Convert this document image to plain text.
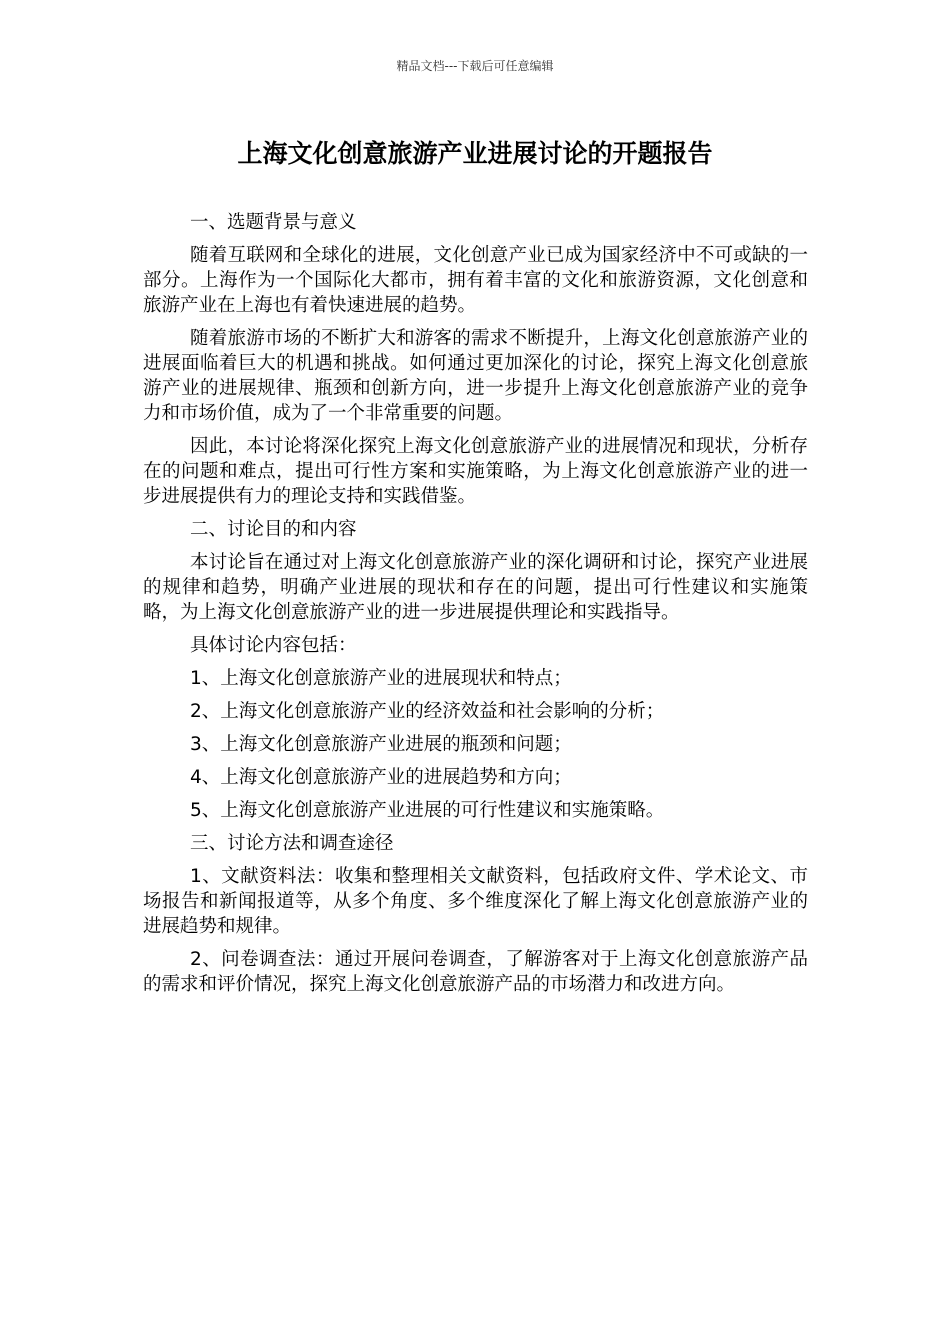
精品文档---下载后可任意编辑
上海文化创意旅游产业进展讨论的开题报告

一、选题背景与意义

随着互联网和全球化的进展，文化创意产业已成为国家经济中不可或缺的一部分。上海作为一个国际化大都市，拥有着丰富的文化和旅游资源，文化创意和旅游产业在上海也有着快速进展的趋势。

随着旅游市场的不断扩大和游客的需求不断提升，上海文化创意旅游产业的进展面临着巨大的机遇和挑战。如何通过更加深化的讨论，探究上海文化创意旅游产业的进展规律、瓶颈和创新方向，进一步提升上海文化创意旅游产业的竞争力和市场价值，成为了一个非常重要的问题。

因此，本讨论将深化探究上海文化创意旅游产业的进展情况和现状，分析存在的问题和难点，提出可行性方案和实施策略，为上海文化创意旅游产业的进一步进展提供有力的理论支持和实践借鉴。

二、讨论目的和内容

本讨论旨在通过对上海文化创意旅游产业的深化调研和讨论，探究产业进展的规律和趋势，明确产业进展的现状和存在的问题，提出可行性建议和实施策略，为上海文化创意旅游产业的进一步进展提供理论和实践指导。

具体讨论内容包括：

1、上海文化创意旅游产业的进展现状和特点；

2、上海文化创意旅游产业的经济效益和社会影响的分析；

3、上海文化创意旅游产业进展的瓶颈和问题；

4、上海文化创意旅游产业的进展趋势和方向；

5、上海文化创意旅游产业进展的可行性建议和实施策略。

三、讨论方法和调查途径

1、文献资料法：收集和整理相关文献资料，包括政府文件、学术论文、市场报告和新闻报道等，从多个角度、多个维度深化了解上海文化创意旅游产业的进展趋势和规律。

2、问卷调查法：通过开展问卷调查，了解游客对于上海文化创意旅游产品的需求和评价情况，探究上海文化创意旅游产品的市场潜力和改进方向。
